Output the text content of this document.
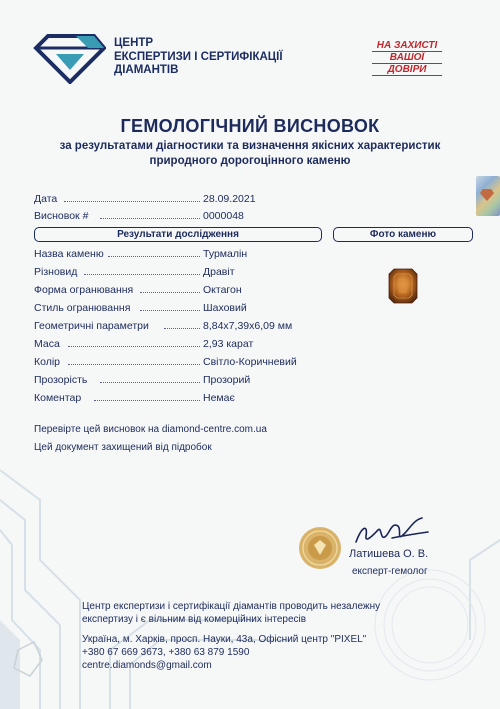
ЦЕНТР
ЕКСПЕРТИЗИ І СЕРТИФІКАЦІЇ
ДІАМАНТІВ
НА ЗАХИСТІ
ВАШОЇ
ДОВІРИ
ГЕМОЛОГІЧНИЙ ВИСНОВОК
за результатами діагностики та визначення якісних характеристик
природного дорогоцінного каменю
Дата	28.09.2021
Висновок #	0000048
Результати дослідження	Фото каменю
Назва каменю	Турмалін
Різновид	Дравіт
Форма огранювання	Октагон
Стиль огранювання	Шаховий
Геометричні параметри	8,84х7,39х6,09 мм
Маса	2,93 карат
Колір	Світло-Коричневий
Прозорість	Прозорий
Коментар	Немає
Перевірте цей висновок на diamond-centre.com.ua
Цей документ захищений від підробок
Латишева О. В.
експерт-гемолог
Центр експертизи і сертифікації діамантів проводить незалежну
експертизу і є вільним від комерційних інтересів
Україна, м. Харків, просп. Науки, 43а, Офісний центр "PIXEL"
+380 67 669 3673, +380 63 879 1590
centre.diamonds@gmail.com
